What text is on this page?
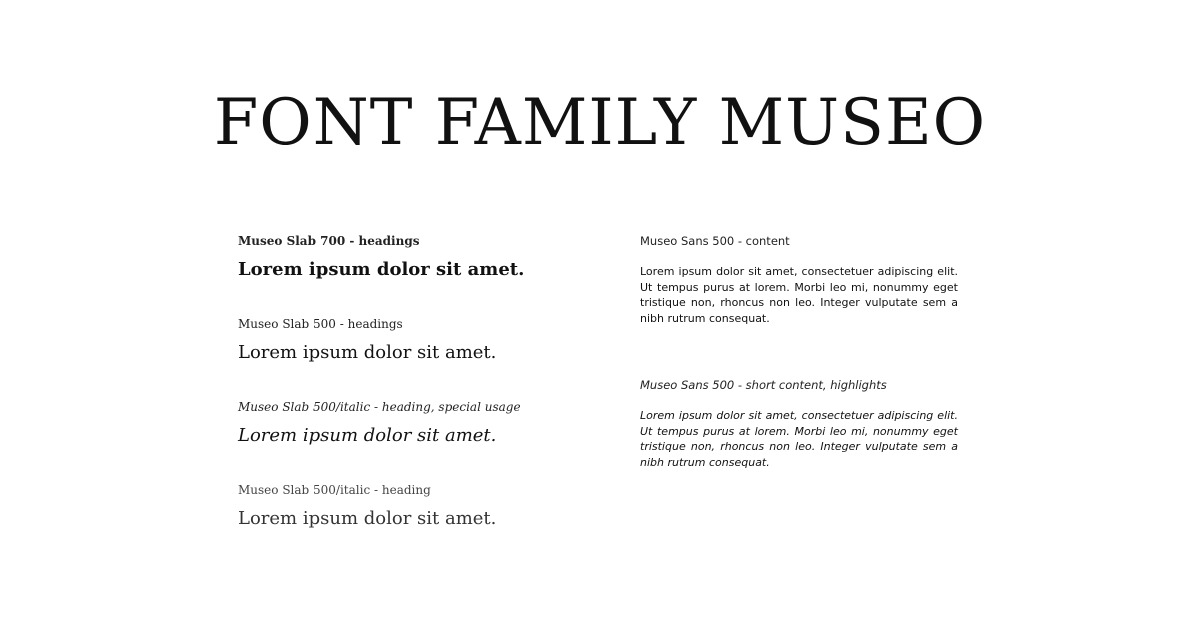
FONT FAMILY MUSEO
Museo Slab 700 - headings
Lorem ipsum dolor sit amet.
Museo Slab 500 - headings
Lorem ipsum dolor sit amet.
Museo Slab 500/italic - heading, special usage
Lorem ipsum dolor sit amet.
Museo Slab 500/italic - heading
Lorem ipsum dolor sit amet.
Museo Sans 500 - content
Lorem ipsum dolor sit amet, consectetuer adipiscing elit. Ut tempus purus at lorem. Morbi leo mi, nonummy eget tristique non, rhoncus non leo. Integer vulputate sem a nibh rutrum consequat.
Museo Sans 500 - short content, highlights
Lorem ipsum dolor sit amet, consectetuer adipiscing elit. Ut tempus purus at lorem. Morbi leo mi, nonummy eget tristique non, rhoncus non leo. Integer vulputate sem a nibh rutrum consequat.
